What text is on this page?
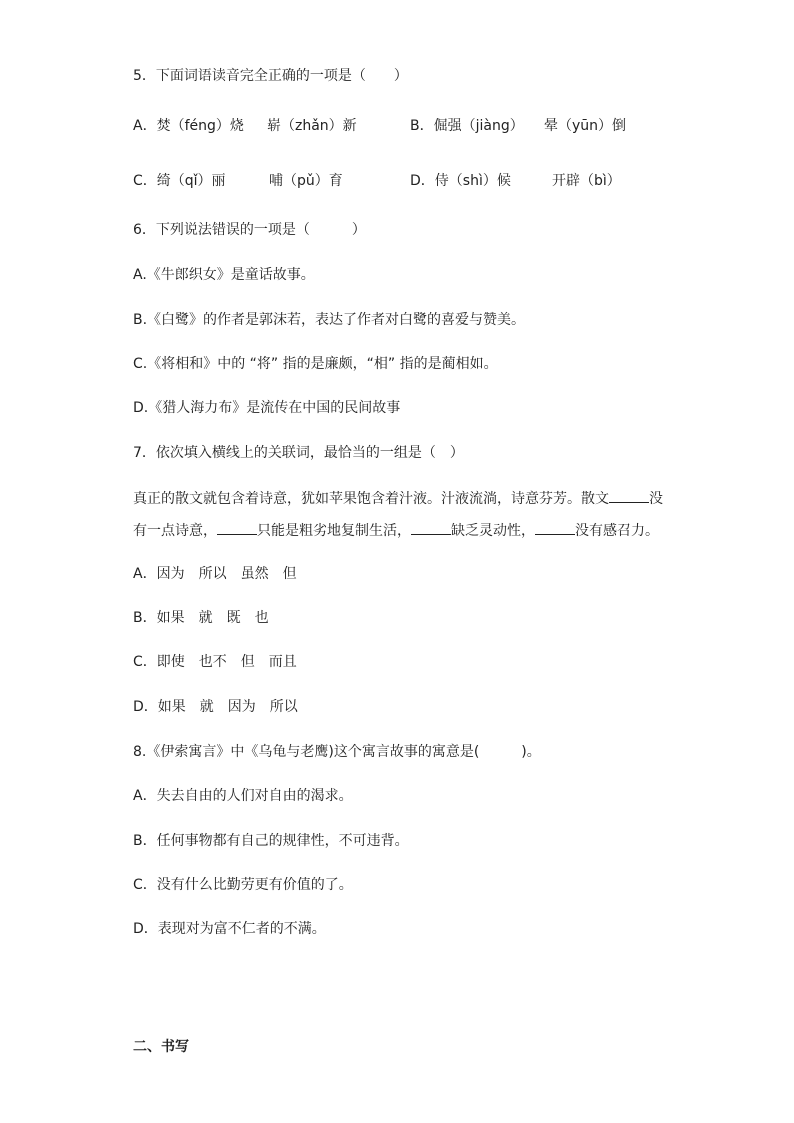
5．下面词语读音完全正确的一项是（　　）
A．焚（féng）烧 崭（zhǎn）新	B．倔强（jiàng） 晕（yūn）倒
C．绮（qǐ）丽	哺（pǔ）育	D．侍（shì）候	开辟（bì）
6．下列说法错误的一项是（　　　）
A.《牛郎织女》是童话故事。
B.《白鹭》的作者是郭沫若，表达了作者对白鹭的喜爱与赞美。
C.《将相和》中的 “将” 指的是廉颇，“相” 指的是蔺相如。
D.《猎人海力布》是流传在中国的民间故事
7．依次填入横线上的关联词，最恰当的一组是（　）
真正的散文就包含着诗意，犹如苹果饱含着汁液。汁液流淌，诗意芬芳。散文	没
有一点诗意，	只能是粗劣地复制生活，	缺乏灵动性，	没有感召力。
A．因为　所以　虽然　但
B．如果　就　既　也
C．即使　也不　但　而且
D．如果　就　因为　所以
8.《伊索寓言》中《乌龟与老鹰)这个寓言故事的寓意是(　　　)。
A．失去自由的人们对自由的渴求。
B．任何事物都有自己的规律性，不可违背。
C．没有什么比勤劳更有价值的了。
D．表现对为富不仁者的不满。
二、书写
